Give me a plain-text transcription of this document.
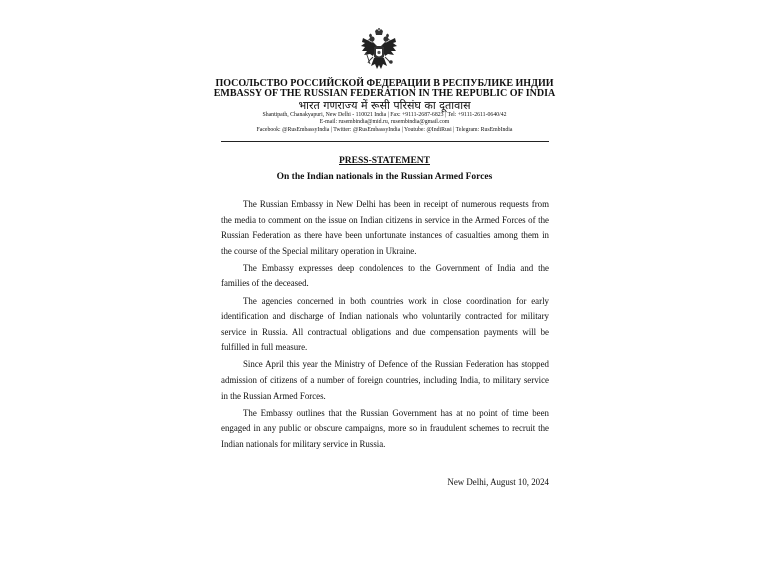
ПОСОЛЬСТВО РОССИЙСКОЙ ФЕДЕРАЦИИ В РЕСПУБЛИКЕ ИНДИИ
EMBASSY OF THE RUSSIAN FEDERATION IN THE REPUBLIC OF INDIA
भारत गणराज्य में रूसी परिसंघ का दूतावास
Shantipath, Chanakyapuri, New Delhi - 110021 India | Fax: +9111-2687-6823 | Tel: +9111-2611-0640/42
E-mail: rusembindia@mid.ru, rusembindia@gmail.com
Facebook: @RusEmbassyIndia | Twitter: @RusEmbassyIndia | Youtube: @IndiRusi | Telegram: RusEmbIndia
PRESS-STATEMENT
On the Indian nationals in the Russian Armed Forces

The Russian Embassy in New Delhi has been in receipt of numerous requests from the media to comment on the issue on Indian citizens in service in the Armed Forces of the Russian Federation as there have been unfortunate instances of casualties among them in the course of the Special military operation in Ukraine.

The Embassy expresses deep condolences to the Government of India and the families of the deceased.

The agencies concerned in both countries work in close coordination for early identification and discharge of Indian nationals who voluntarily contracted for military service in Russia. All contractual obligations and due compensation payments will be fulfilled in full measure.

Since April this year the Ministry of Defence of the Russian Federation has stopped admission of citizens of a number of foreign countries, including India, to military service in the Russian Armed Forces.

The Embassy outlines that the Russian Government has at no point of time been engaged in any public or obscure campaigns, more so in fraudulent schemes to recruit the Indian nationals for military service in Russia.

New Delhi, August 10, 2024
